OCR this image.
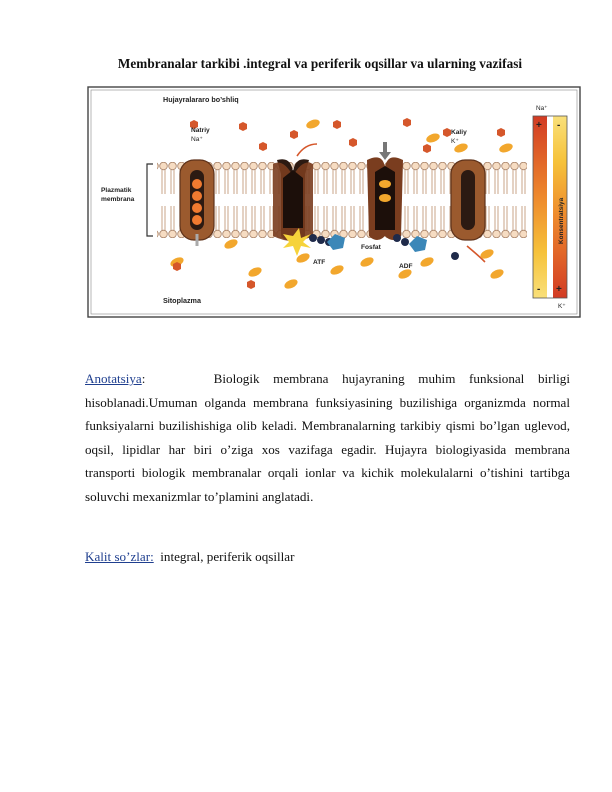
Membranalar tarkibi .integral va periferik oqsillar va ularning vazifasi
Hujayralararo bo’shliq
Sitoplazma
Natriy
Na⁺
Kaliy
K⁺
Plazmatik
membrana
Fosfat
ATF
ADF
Konsentratsiya
Na⁺
K⁺
+ -
- +
Anotatsiya:	Biologik membrana hujayraning muhim funksional birligi hisoblanadi.Umuman olganda membrana funksiyasining buzilishiga organizmda normal funksiyalarni buzilishishiga olib keladi. Membranalarning tarkibiy qismi bo’lgan uglevod, oqsil, lipidlar har biri o’ziga xos vazifaga egadir. Hujayra biologiyasida membrana transporti biologik membranalar orqali ionlar va kichik molekulalarni o’tishini tartibga soluvchi mexanizmlar to’plamini anglatadi.
Kalit so’zlar: integral, periferik oqsillar
